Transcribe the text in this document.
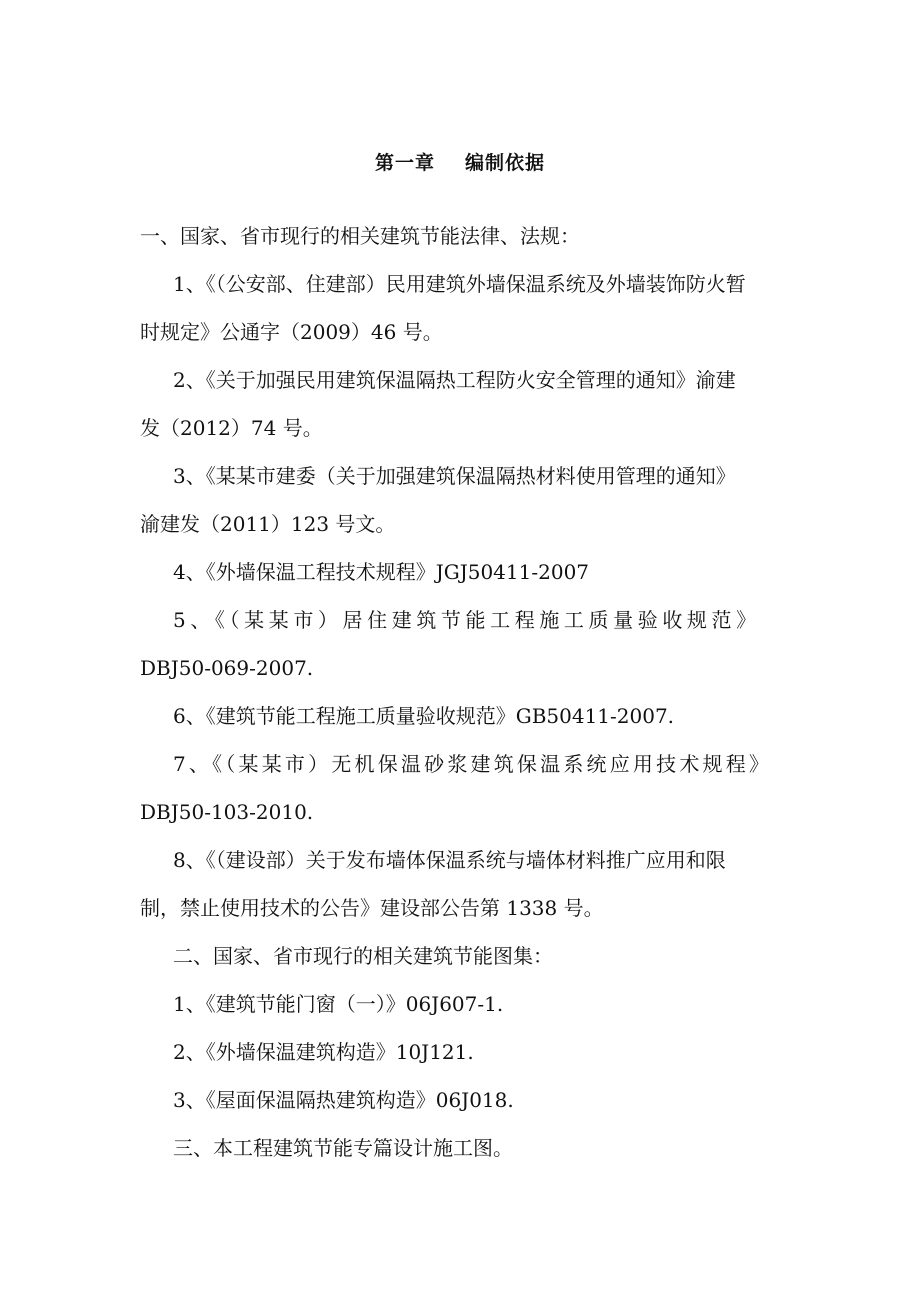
第一章 编制依据
一、国家、省市现行的相关建筑节能法律、法规：
1、《（公安部、住建部）民用建筑外墙保温系统及外墙装饰防火暂
时规定》公通字（2009）46 号。
2、《关于加强民用建筑保温隔热工程防火安全管理的通知》渝建
发（2012）74 号。
3、《某某市建委（关于加强建筑保温隔热材料使用管理的通知》
渝建发（2011）123 号文。
4、《外墙保温工程技术规程》JGJ50411-2007
5、《（某某市）居住建筑节能工程施工质量验收规范》
DBJ50-069-2007.
6、《建筑节能工程施工质量验收规范》GB50411-2007.
7、《（某某市）无机保温砂浆建筑保温系统应用技术规程》
DBJ50-103-2010.
8、《（建设部）关于发布墙体保温系统与墙体材料推广应用和限
制，禁止使用技术的公告》建设部公告第 1338 号。
二、国家、省市现行的相关建筑节能图集：
1、《建筑节能门窗（一）》06J607-1.
2、《外墙保温建筑构造》10J121.
3、《屋面保温隔热建筑构造》06J018.
三、本工程建筑节能专篇设计施工图。
